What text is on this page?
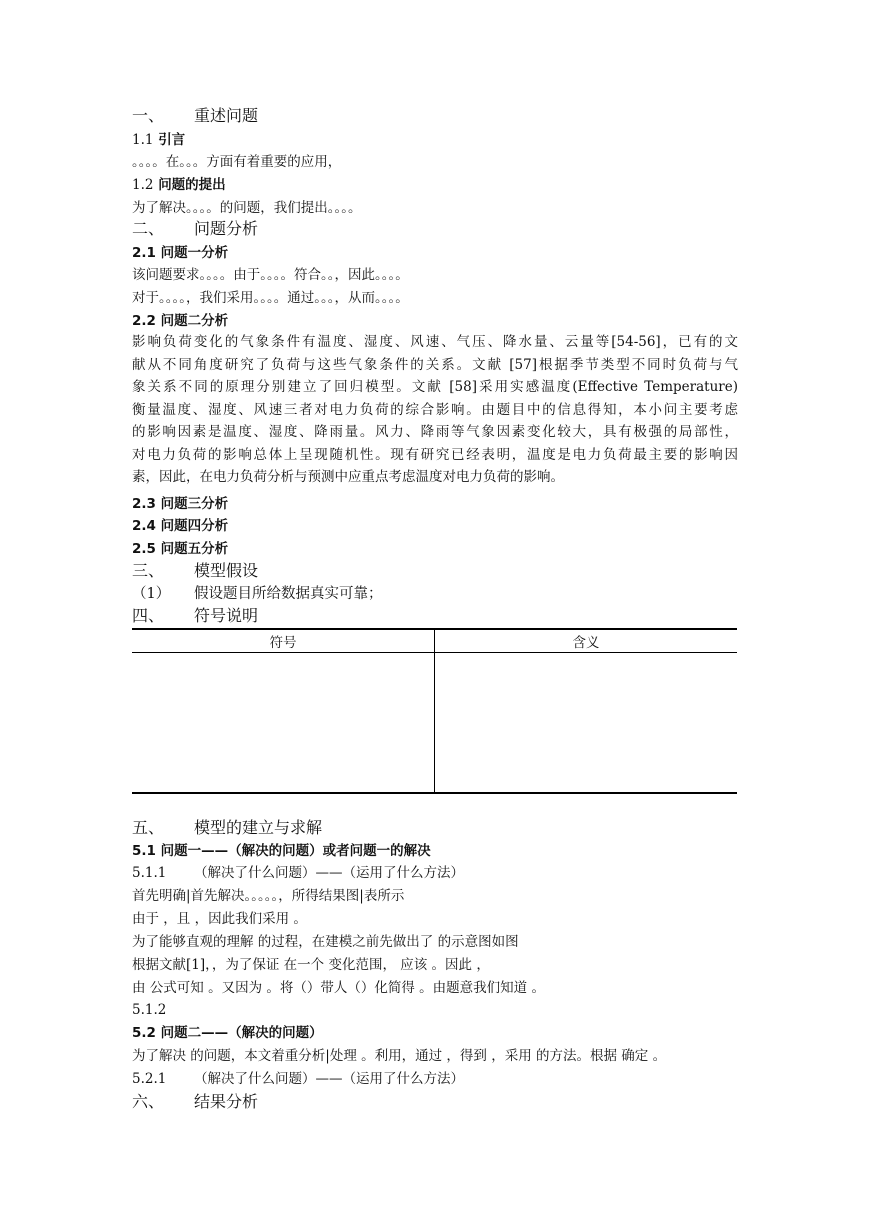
一、 重述问题
1.1 引言
。。。。在。。。方面有着重要的应用，
1.2 问题的提出
为了解决。。。。的问题，我们提出。。。。
二、 问题分析
2.1 问题一分析
该问题要求。。。。由于。。。。符合。。，因此。。。。
对于。。。。，我们采用。。。。通过。。。，从而。。。。
2.2 问题二分析
影响负荷变化的气象条件有温度、湿度、风速、气压、降水量、云量等[54-56]，已有的文
献从不同角度研究了负荷与这些气象条件的关系。文献 [57]根据季节类型不同时负荷与气
象关系不同的原理分别建立了回归模型。文献 [58]采用实感温度(Effective Temperature)
衡量温度、湿度、风速三者对电力负荷的综合影响。由题目中的信息得知，本小问主要考虑
的影响因素是温度、湿度、降雨量。风力、降雨等气象因素变化较大，具有极强的局部性，
对电力负荷的影响总体上呈现随机性。现有研究已经表明，温度是电力负荷最主要的影响因
素，因此，在电力负荷分析与预测中应重点考虑温度对电力负荷的影响。
2.3 问题三分析
2.4 问题四分析
2.5 问题五分析
三、 模型假设
（1） 假设题目所给数据真实可靠；
四、 符号说明
符号	含义

五、 模型的建立与求解
5.1 问题一——（解决的问题）或者问题一的解决
5.1.1 （解决了什么问题）——（运用了什么方法）
首先明确|首先解决。。。。。，所得结果图|表所示
由于 ，且 ，因此我们采用 。
为了能够直观的理解 的过程，在建模之前先做出了 的示意图如图
根据文献[1]，，为了保证 在一个 变化范围， 应该 。因此 ，
由 公式可知 。又因为 。将（）带人（）化简得 。由题意我们知道 。
5.1.2
5.2 问题二——（解决的问题）
为了解决 的问题，本文着重分析|处理 。利用，通过 ，得到 ，采用 的方法。根据 确定 。
5.2.1 （解决了什么问题）——（运用了什么方法）
六、 结果分析
